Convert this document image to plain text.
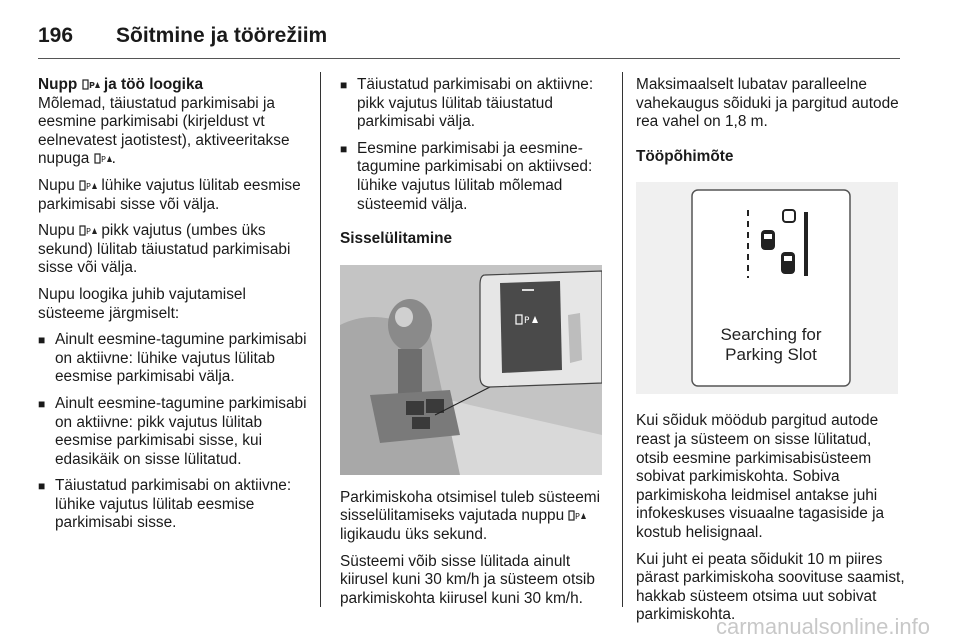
196	Sõitmine ja töörežiim

Nupp P ja töö loogika

Mõlemad, täiustatud parkimisabi ja eesmine parkimisabi (kirjeldust vt eelnevatest jaotistest), aktiveeritakse nupuga P .

Nupu P lühike vajutus lülitab eesmise parkimisabi sisse või välja.

Nupu P pikk vajutus (umbes üks sekund) lülitab täiustatud parkimisabi sisse või välja.

Nupu loogika juhib vajutamisel süsteeme järgmiselt:

■ Ainult eesmine-tagumine parkimisabi on aktiivne: lühike vajutus lülitab eesmise parkimisabi välja.
■ Ainult eesmine-tagumine parkimisabi on aktiivne: pikk vajutus lülitab eesmise parkimisabi sisse, kui edasikäik on sisse lülitatud.
■ Täiustatud parkimisabi on aktiivne: lühike vajutus lülitab eesmise parkimisabi sisse.
■ Täiustatud parkimisabi on aktiivne: pikk vajutus lülitab täiustatud parkimisabi välja.
■ Eesmine parkimisabi ja eesmine-tagumine parkimisabi on aktiivsed: lühike vajutus lülitab mõlemad süsteemid välja.

Sisselülitamine

P

Parkimiskoha otsimisel tuleb süsteemi sisselülitamiseks vajutada nuppu P
ligikaudu üks sekund.

Süsteemi võib sisse lülitada ainult kiirusel kuni 30 km/h ja süsteem otsib parkimiskohta kiirusel kuni 30 km/h.

Maksimaalselt lubatav paralleelne vahekaugus sõiduki ja pargitud autode rea vahel on 1,8 m.

Tööpõhimõte

Searching for
Parking Slot

Kui sõiduk möödub pargitud autode reast ja süsteem on sisse lülitatud, otsib eesmine parkimisabisüsteem sobivat parkimiskohta. Sobiva parkimiskoha leidmisel antakse juhi infokeskuses visuaalne tagasiside ja kostub helisignaal.

Kui juht ei peata sõidukit 10 m piires pärast parkimiskoha soovituse saamist, hakkab süsteem otsima uut sobivat parkimiskohta.

carmanualsonline.info
